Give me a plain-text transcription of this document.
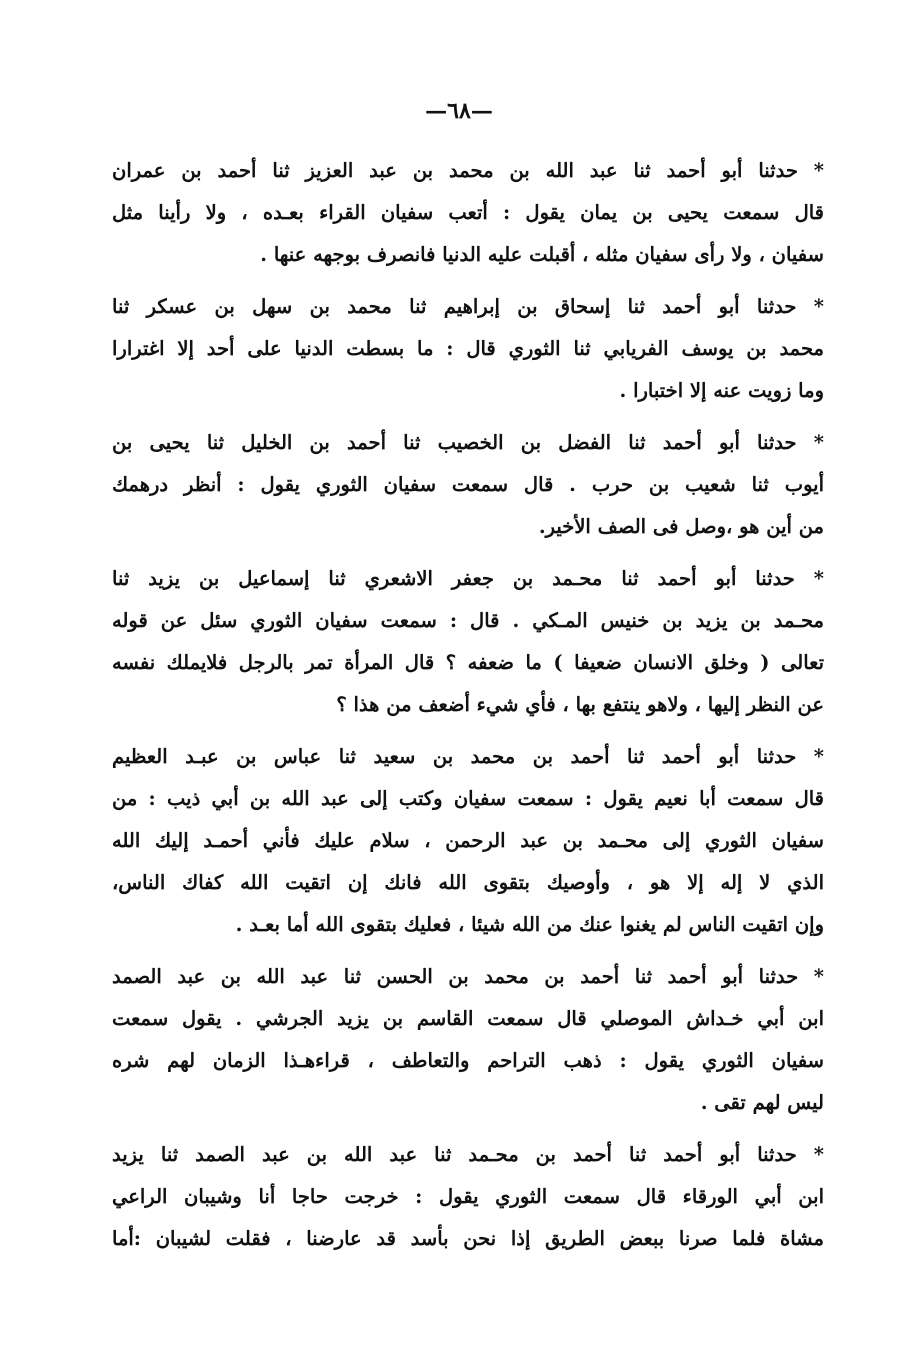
—٦٨—

* حدثنا أبو أحمد ثنا عبد الله بن محمد بن عبد العزيز ثنا أحمد بن عمران
قال سمعت يحيى بن يمان يقول : أتعب سفيان القراء بعـده ، ولا رأينا مثل
سفيان ، ولا رأى سفيان مثله ، أقبلت عليه الدنيا فانصرف بوجهه عنها .

* حدثنا أبو أحمد ثنا إسحاق بن إبراهيم ثنا محمد بن سهل بن عسكر ثنا
محمد بن يوسف الفريابي ثنا الثوري قال : ما بسطت الدنيا على أحد إلا اغترارا
وما زويت عنه إلا اختبارا .

* حدثنا أبو أحمد ثنا الفضل بن الخصيب ثنا أحمد بن الخليل ثنا يحيى بن
أيوب ثنا شعيب بن حرب . قال سمعت سفيان الثوري يقول : أنظر درهمك
من أين هو ،وصل فى الصف الأخير.

* حدثنا أبو أحمد ثنا محـمد بن جعفر الاشعري ثنا إسماعيل بن يزيد ثنا
محـمد بن يزيد بن خنيس المـكي . قال : سمعت سفيان الثوري سئل عن قوله
تعالى ( وخلق الانسان ضعيفا ) ما ضعفه ؟ قال المرأة تمر بالرجل فلايملك نفسه
عن النظر إليها ، ولاهو ينتفع بها ، فأي شيء أضعف من هذا ؟

* حدثنا أبو أحمد ثنا أحمد بن محمد بن سعيد ثنا عباس بن عبـد العظيم
قال سمعت أبا نعيم يقول : سمعت سفيان وكتب إلى عبد الله بن أبي ذيب : من
سفيان الثوري إلى محـمد بن عبد الرحمن ، سلام عليك فأني أحمـد إليك الله
الذي لا إله إلا هو ، وأوصيك بتقوى الله فانك إن اتقيت الله كفاك الناس،
وإن اتقيت الناس لم يغنوا عنك من الله شيئا ، فعليك بتقوى الله أما بعـد .

* حدثنا أبو أحمد ثنا أحمد بن محمد بن الحسن ثنا عبد الله بن عبد الصمد
ابن أبي خـداش الموصلي قال سمعت القاسم بن يزيد الجرشي . يقول سمعت
سفيان الثوري يقول : ذهب التراحم والتعاطف ، قراءهـذا الزمان لهم شره
ليس لهم تقى .

* حدثنا أبو أحمد ثنا أحمد بن محـمد ثنا عبد الله بن عبد الصمد ثنا يزيد
ابن أبي الورقاء قال سمعت الثوري يقول : خرجت حاجا أنا وشيبان الراعي
مشاة فلما صرنا ببعض الطريق إذا نحن بأسد قد عارضنا ، فقلت لشيبان :أما
